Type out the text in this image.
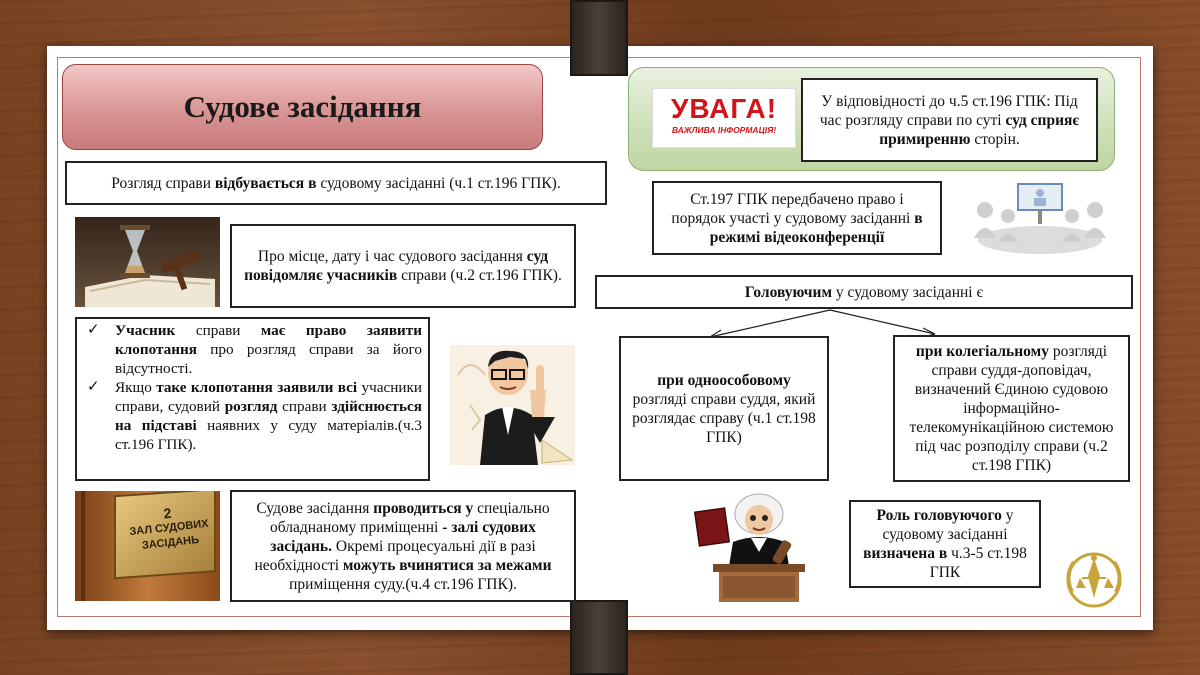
Судове засідання	УВАГА!
ВАЖЛИВА ІНФОРМАЦІЯ!
У відповідності до ч.5 ст.196 ГПК: Під час розгляду справи по суті суд сприяє примиренню сторін.
Розгляд справи відбувається в судовому засіданні (ч.1 ст.196 ГПК).
Про місце, дату і час судового засідання суд повідомляє учасників справи (ч.2 ст.196 ГПК).
✓ Учасник справи має право заявити клопотання про розгляд справи за його відсутності.
✓ Якщо таке клопотання заявили всі учасники справи, судовий розгляд справи здійснюється на підставі наявних у суду матеріалів.(ч.3 ст.196 ГПК).
2
ЗАЛ СУДОВИХ
ЗАСІДАНЬ
Судове засідання проводиться у спеціально обладнаному приміщенні - залі судових засідань. Окремі процесуальні дії в разі необхідності можуть вчинятися за межами приміщення суду.(ч.4 ст.196 ГПК).
Ст.197 ГПК передбачено право і порядок участі у судовому засіданні в режимі відеоконференції
Головуючим у судовому засіданні є
при одноособовому розгляді справи суддя, який розглядає справу (ч.1 ст.198 ГПК)
при колегіальному розгляді справи суддя-доповідач, визначений Єдиною судовою інформаційно-телекомунікаційною системою під час розподілу справи (ч.2 ст.198 ГПК)
Роль головуючого у судовому засіданні визначена в ч.3-5 ст.198 ГПК
